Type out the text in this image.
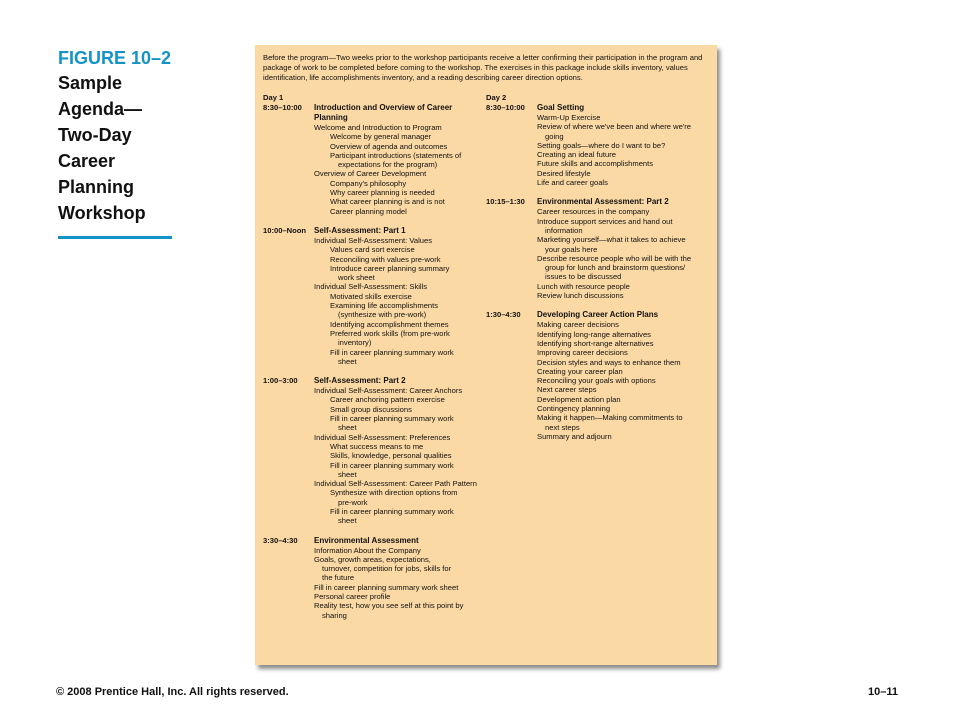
FIGURE 10–2
Sample
Agenda—
Two-Day
Career
Planning
Workshop
Before the program—Two weeks prior to the workshop participants receive a letter confirming their participation in the program and package of work to be completed before coming to the workshop. The exercises in this package include skills inventory, values identification, life accomplishments inventory, and a reading describing career direction options.
Day 1
8:30–10:00 Introduction and Overview of Career Planning
Welcome and Introduction to Program
Welcome by general manager
Overview of agenda and outcomes
Participant introductions (statements of
expectations for the program)
Overview of Career Development
Company's philosophy
Why career planning is needed
What career planning is and is not
Career planning model
10:00–Noon Self-Assessment: Part 1
Individual Self-Assessment: Values
Values card sort exercise
Reconciling with values pre-work
Introduce career planning summary
work sheet
Individual Self-Assessment: Skills
Motivated skills exercise
Examining life accomplishments
(synthesize with pre-work)
Identifying accomplishment themes
Preferred work skills (from pre-work
inventory)
Fill in career planning summary work
sheet
1:00–3:00 Self-Assessment: Part 2
Individual Self-Assessment: Career Anchors
Career anchoring pattern exercise
Small group discussions
Fill in career planning summary work
sheet
Individual Self-Assessment: Preferences
What success means to me
Skills, knowledge, personal qualities
Fill in career planning summary work
sheet
Individual Self-Assessment: Career Path Pattern
Synthesize with direction options from
pre-work
Fill in career planning summary work
sheet
3:30–4:30 Environmental Assessment
Information About the Company
Goals, growth areas, expectations,
turnover, competition for jobs, skills for
the future
Fill in career planning summary work sheet
Personal career profile
Reality test, how you see self at this point by
sharing
Day 2
8:30–10:00 Goal Setting
Warm-Up Exercise
Review of where we've been and where we're
going
Setting goals—where do I want to be?
Creating an ideal future
Future skills and accomplishments
Desired lifestyle
Life and career goals
10:15–1:30 Environmental Assessment: Part 2
Career resources in the company
Introduce support services and hand out
information
Marketing yourself—what it takes to achieve
your goals here
Describe resource people who will be with the
group for lunch and brainstorm questions/
issues to be discussed
Lunch with resource people
Review lunch discussions
1:30–4:30 Developing Career Action Plans
Making career decisions
Identifying long-range alternatives
Identifying short-range alternatives
Improving career decisions
Decision styles and ways to enhance them
Creating your career plan
Reconciling your goals with options
Next career steps
Development action plan
Contingency planning
Making it happen—Making commitments to
next steps
Summary and adjourn
© 2008 Prentice Hall, Inc. All rights reserved.	10–11
